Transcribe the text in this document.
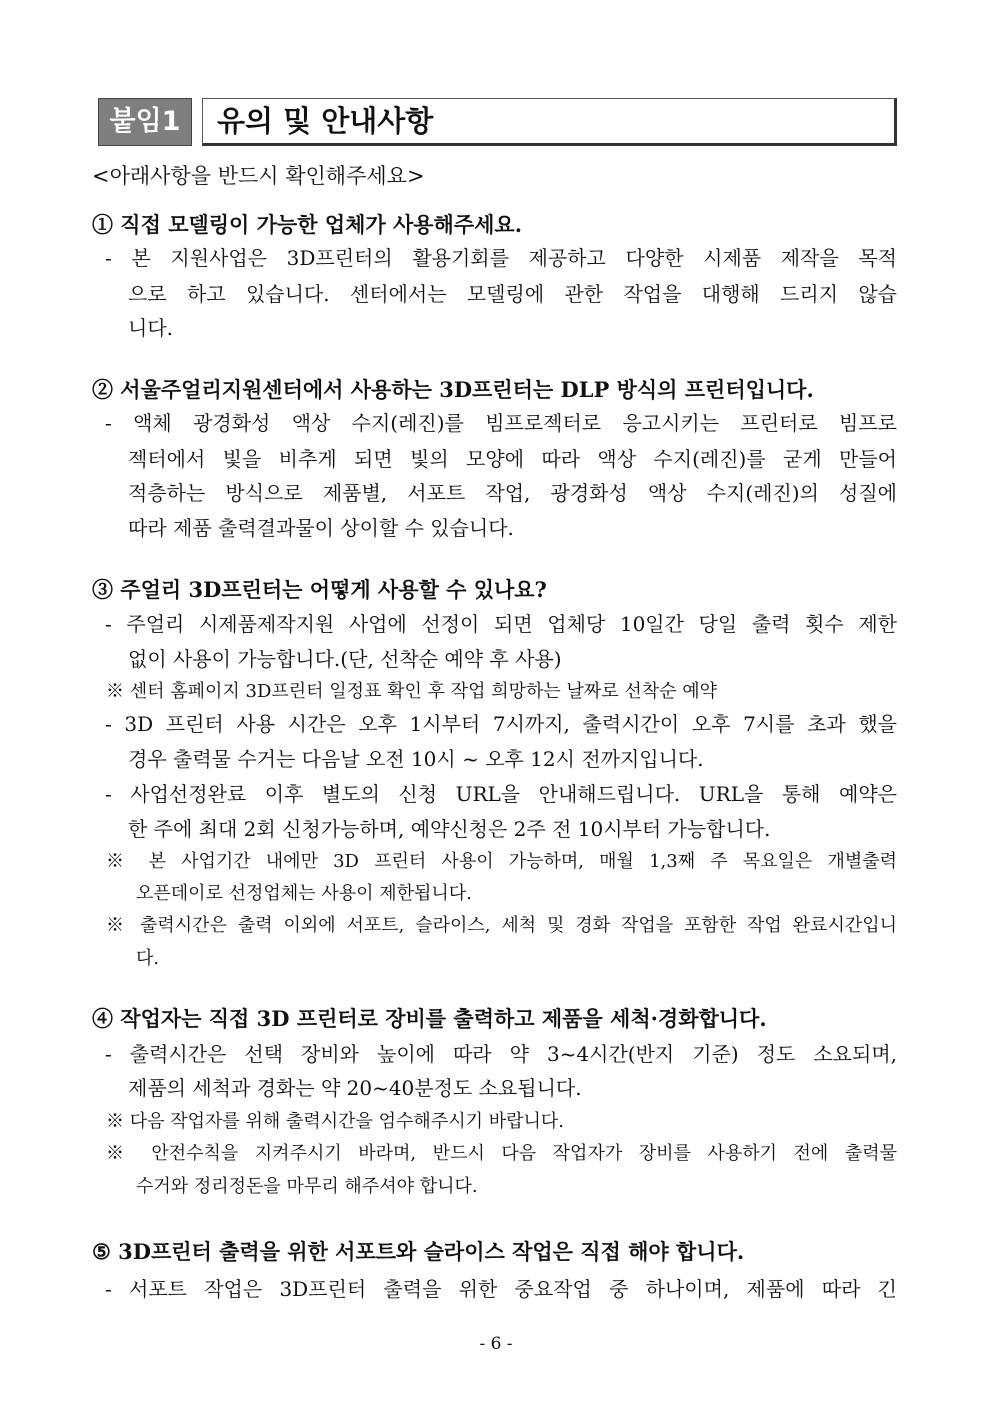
붙임1	유의 및 안내사항
<아래사항을 반드시 확인해주세요>
① 직접 모델링이 가능한 업체가 사용해주세요.
- 본 지원사업은 3D프린터의 활용기회를 제공하고 다양한 시제품 제작을 목적
으로 하고 있습니다. 센터에서는 모델링에 관한 작업을 대행해 드리지 않습
니다.
② 서울주얼리지원센터에서 사용하는 3D프린터는 DLP 방식의 프린터입니다.
- 액체 광경화성 액상 수지(레진)를 빔프로젝터로 응고시키는 프린터로 빔프로
젝터에서 빛을 비추게 되면 빛의 모양에 따라 액상 수지(레진)를 굳게 만들어
적층하는 방식으로 제품별, 서포트 작업, 광경화성 액상 수지(레진)의 성질에
따라 제품 출력결과물이 상이할 수 있습니다.
③ 주얼리 3D프린터는 어떻게 사용할 수 있나요?
- 주얼리 시제품제작지원 사업에 선정이 되면 업체당 10일간 당일 출력 횟수 제한
없이 사용이 가능합니다.(단, 선착순 예약 후 사용)
※ 센터 홈페이지 3D프린터 일정표 확인 후 작업 희망하는 날짜로 선착순 예약
- 3D 프린터 사용 시간은 오후 1시부터 7시까지, 출력시간이 오후 7시를 초과 했을
경우 출력물 수거는 다음날 오전 10시 ~ 오후 12시 전까지입니다.
- 사업선정완료 이후 별도의 신청 URL을 안내해드립니다. URL을 통해 예약은
한 주에 최대 2회 신청가능하며, 예약신청은 2주 전 10시부터 가능합니다.
※ 본 사업기간 내에만 3D 프린터 사용이 가능하며, 매월 1,3째 주 목요일은 개별출력
오픈데이로 선정업체는 사용이 제한됩니다.
※ 출력시간은 출력 이외에 서포트, 슬라이스, 세척 및 경화 작업을 포함한 작업 완료시간입니
다.
④ 작업자는 직접 3D 프린터로 장비를 출력하고 제품을 세척·경화합니다.
- 출력시간은 선택 장비와 높이에 따라 약 3~4시간(반지 기준) 정도 소요되며,
제품의 세척과 경화는 약 20~40분정도 소요됩니다.
※ 다음 작업자를 위해 출력시간을 엄수해주시기 바랍니다.
※ 안전수칙을 지켜주시기 바라며, 반드시 다음 작업자가 장비를 사용하기 전에 출력물
수거와 정리정돈을 마무리 해주셔야 합니다.
⑤ 3D프린터 출력을 위한 서포트와 슬라이스 작업은 직접 해야 합니다.
- 서포트 작업은 3D프린터 출력을 위한 중요작업 중 하나이며, 제품에 따라 긴
- 6 -
